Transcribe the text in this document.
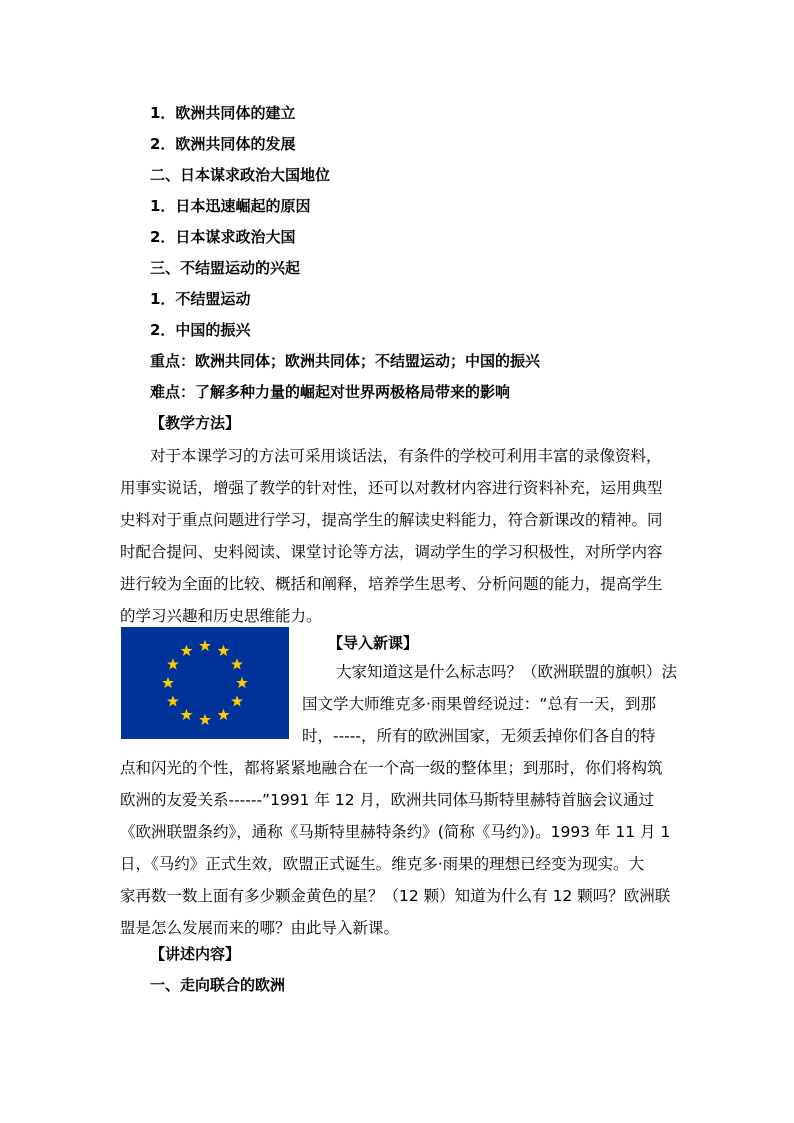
1．欧洲共同体的建立
2．欧洲共同体的发展
二、日本谋求政治大国地位
1．日本迅速崛起的原因
2．日本谋求政治大国
三、不结盟运动的兴起
1．不结盟运动
2．中国的振兴
重点：欧洲共同体；欧洲共同体；不结盟运动；中国的振兴
难点：了解多种力量的崛起对世界两极格局带来的影响
【教学方法】
对于本课学习的方法可采用谈话法，有条件的学校可利用丰富的录像资料，
用事实说话，增强了教学的针对性，还可以对教材内容进行资料补充，运用典型
史料对于重点问题进行学习，提高学生的解读史料能力，符合新课改的精神。同
时配合提问、史料阅读、课堂讨论等方法，调动学生的学习积极性，对所学内容
进行较为全面的比较、概括和阐释，培养学生思考、分析问题的能力，提高学生
的学习兴趣和历史思维能力。
【导入新课】
大家知道这是什么标志吗？（欧洲联盟的旗帜）法
国文学大师维克多·雨果曾经说过：“总有一天，到那
时，-----，所有的欧洲国家，无须丢掉你们各自的特
点和闪光的个性，都将紧紧地融合在一个高一级的整体里；到那时，你们将构筑
欧洲的友爱关系------”1991 年 12 月，欧洲共同体马斯特里赫特首脑会议通过
《欧洲联盟条约》，通称《马斯特里赫特条约》(简称《马约》)。1993 年 11 月 1
日，《马约》正式生效，欧盟正式诞生。维克多·雨果的理想已经变为现实。大
家再数一数上面有多少颗金黄色的星？（12 颗）知道为什么有 12 颗吗？欧洲联
盟是怎么发展而来的哪？由此导入新课。
【讲述内容】
一、走向联合的欧洲
